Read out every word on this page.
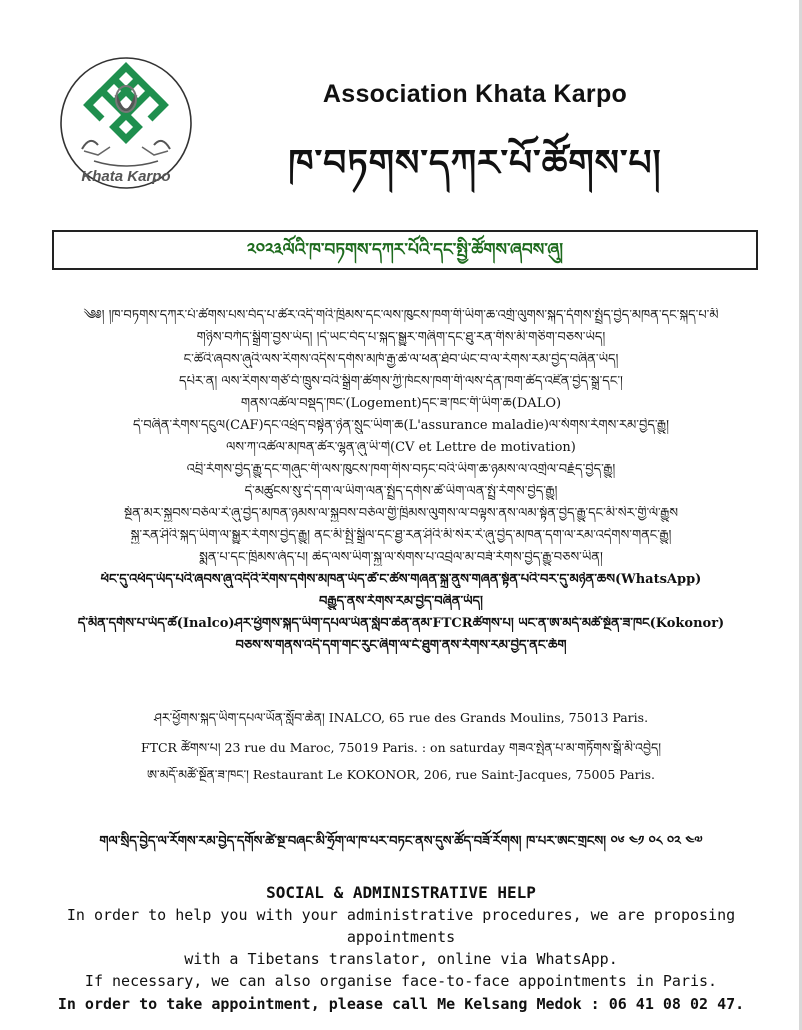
Khata Karpo
Association Khata Karpo
ཁ་བཏགས་དཀར་པོ་ཚོགས་པ།
༢༠༢༣ལོའི་ཁ་བཏགས་དཀར་པོའི་དང་སྤྱི་ཚོགས་ཞབས་ཞུ།
༄༅། །ཁ་བཏགས་དཀར་པོ་ཚོགས་པས་བོད་པ་ཚོར་འདི་གའི་ཁྲིམས་དང་ལས་ཁུངས་ཁག་གི་ཡིག་ཆ་འགྲོ་ལུགས་སྐད་དོགས་སྤྲོད་བྱེད་མཁན་དང་སྐད་པ་མི
གཉིས་བཀོད་སྒྲིག་བྱས་ཡོད། །དེ་ཡང་བོད་པ་སྐད་སྒྱུར་གཞིག་དང་ཐུ་རན་གིས་མི་གཅིག་བཅས་ཡོད།
ང་ཚིའི་ཞབས་ཞུའི་ལས་རིགས་འདིས་དགོས་མཁོ་རྒྱ་ཆེ་ལ་ཕན་ཐོབ་ཡོང་བ་ལ་རོགས་རམ་བྱེད་བཞིན་ཡོད།
དཔེར་ན། ལས་རིགས་གཙོ་བོ་ཁྲུས་བའི་སྒྲིག་ཚོགས་ཀྱི་ཁོངས་ཁག་གི་ལས་དོན་ཁག་ཚོད་འཛིན་བྱེད་སྒྲུ་དང་།
གནས་འཚོལ་བསྡད་ཁང་(Logement)དང་ཟ་ཁང་གི་ཡིག་ཆ(DALO)
དེ་བཞིན་རོགས་དངུལ(CAF)དང་འཕྲོད་བསྟེན་ཉེན་སྲུང་ཡིག་ཆ(L'assurance maladie)ལ་སོགས་རོགས་རམ་བྱེད་རྒྱུ།
ལས་ཀ་འཚོལ་མཁན་ཚོར་ལྷན་ཞུ་ཡི་གེ(CV et Lettre de motivation)
འབྲི་རོགས་བྱེད་རྒྱུ་དང་གཞུང་གི་ལས་ཁུངས་ཁག་གིས་བཏང་བའི་ཡིག་ཆ་ཉམས་ལ་འགྲེལ་བརྗོད་བྱེད་རྒྱུ།
དེ་མཚུངས་སུ་དེ་དག་ལ་ཡིག་ལན་སྤྲོད་དགོས་ཚེ་ཡིག་ལན་སྤྲོ་རོགས་བྱེད་རྒྱུ།
སྔོན་མར་སྐྱབས་བཅོལ་རེ་ཞུ་བྱེད་མཁན་ཉམས་ལ་སྐྱབས་བཅོལ་གྱི་ཁྲིམས་ལུགས་ལ་བལྟས་ནས་ལམ་སྟོན་བྱེད་རྒྱུ་དང་མི་སེར་གྱི་ལོ་རྒྱུས
སྐྱ་རན་ཤིའི་སྐད་ཡིག་ལ་སྒྱུར་རོགས་བྱེད་རྒྱུ། ནང་མི་སྤྱི་སྒྲིལ་དང་ཐྱ་རན་ཤིའི་མི་སེར་རེ་ཞུ་བྱེད་མཁན་དག་ལ་རམ་འདེགས་གནང་རྒྱུ།
སྨན་པ་དང་ཁྲིམས་ཞོད་པ། ཆེད་ལས་ཡིག་སྐྱ་ལ་སོགས་པ་འབྲེལ་མ་བཟོ་རོགས་བྱེད་རྒྱུ་བཅས་ཡིན།
ཕོང་དུ་འཕོད་ཡོད་པའི་ཞབས་ཞུ་འདིའི་རིགས་དགོས་མཁན་ཡོད་ཚེ་ང་ཚོས་གཞན་སྐྲ་ནུས་གཞན་སྟོན་པའི་བར་དུ་མཉེན་ཆས(WhatsApp)
བརྒྱུད་ནས་རོགས་རམ་བྱེད་བཞིན་ཡོད།
དེ་མིན་དགོས་པ་ཡོད་ཚེ(Inalco)ཤར་ཕྱོགས་སྐད་ཡིག་དཔལ་ཡོན་སློབ་ཆེན་ནམ་FTCRཚོགས་པ། ཡང་ན་ཨ་མདོ་མཚོ་སྔོན་ཟ་ཁང(Kokonor)
བཅས་ས་གནས་འདི་དག་གང་རུང་ཞིག་ལ་ངོ་ཐུག་ནས་རོགས་རམ་བྱེད་ནང་ཆོག
ཤར་ཕྱོགས་སྐད་ཡིག་དཔལ་ཡོན་སློབ་ཆེན། INALCO, 65 rue des Grands Moulins, 75013 Paris.
FTCR ཚོགས་པ། 23 rue du Maroc, 75019 Paris. : on saturday གཟའ་སྤེན་པ་མ་གཏོགས་སྒོ་མི་འབྱེད།
ཨ་མདོ་མཚོ་སྔོན་ཟ་ཁང་། Restaurant Le KOKONOR, 206, rue Saint-Jacques, 75005 Paris.
གལ་སྲིད་བྱེད་ལ་རོགས་རམ་བྱེད་དགོས་ཚེ་སྔ་བཞང་མི་ཧྲོག་ལ་ཁ་པར་བཏང་ནས་དུས་ཚོད་བཟོ་རོགས། ཁ་པར་ཨང་གྲངས། ༠༦ ༤༡ ༠༨ ༠༢ ༤༧
SOCIAL & ADMINISTRATIVE HELP
In order to help you with your administrative procedures, we are proposing appointments
with a Tibetans translator, online via WhatsApp.
If necessary, we can also organise face-to-face appointments in Paris.
In order to take appointment, please call Me Kelsang Medok : 06 41 08 02 47.
